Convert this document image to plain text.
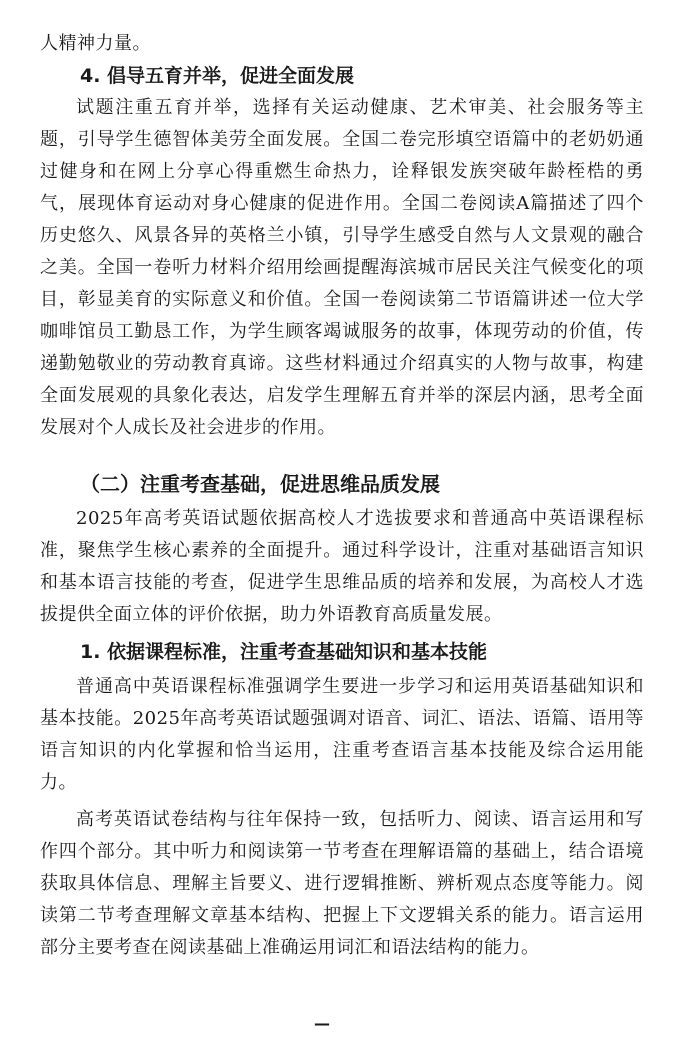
人精神力量。

4. 倡导五育并举，促进全面发展

试题注重五育并举，选择有关运动健康、艺术审美、社会服务等主题，引导学生德智体美劳全面发展。全国二卷完形填空语篇中的老奶奶通过健身和在网上分享心得重燃生命热力，诠释银发族突破年龄桎梏的勇气，展现体育运动对身心健康的促进作用。全国二卷阅读A篇描述了四个历史悠久、风景各异的英格兰小镇，引导学生感受自然与人文景观的融合之美。全国一卷听力材料介绍用绘画提醒海滨城市居民关注气候变化的项目，彰显美育的实际意义和价值。全国一卷阅读第二节语篇讲述一位大学咖啡馆员工勤恳工作，为学生顾客竭诚服务的故事，体现劳动的价值，传递勤勉敬业的劳动教育真谛。这些材料通过介绍真实的人物与故事，构建全面发展观的具象化表达，启发学生理解五育并举的深层内涵，思考全面发展对个人成长及社会进步的作用。

（二）注重考查基础，促进思维品质发展

2025年高考英语试题依据高校人才选拔要求和普通高中英语课程标准，聚焦学生核心素养的全面提升。通过科学设计，注重对基础语言知识和基本语言技能的考查，促进学生思维品质的培养和发展，为高校人才选拔提供全面立体的评价依据，助力外语教育高质量发展。

1. 依据课程标准，注重考查基础知识和基本技能

普通高中英语课程标准强调学生要进一步学习和运用英语基础知识和基本技能。2025年高考英语试题强调对语音、词汇、语法、语篇、语用等语言知识的内化掌握和恰当运用，注重考查语言基本技能及综合运用能力。

高考英语试卷结构与往年保持一致，包括听力、阅读、语言运用和写作四个部分。其中听力和阅读第一节考查在理解语篇的基础上，结合语境获取具体信息、理解主旨要义、进行逻辑推断、辨析观点态度等能力。阅读第二节考查理解文章基本结构、把握上下文逻辑关系的能力。语言运用部分主要考查在阅读基础上准确运用词汇和语法结构的能力。

—
